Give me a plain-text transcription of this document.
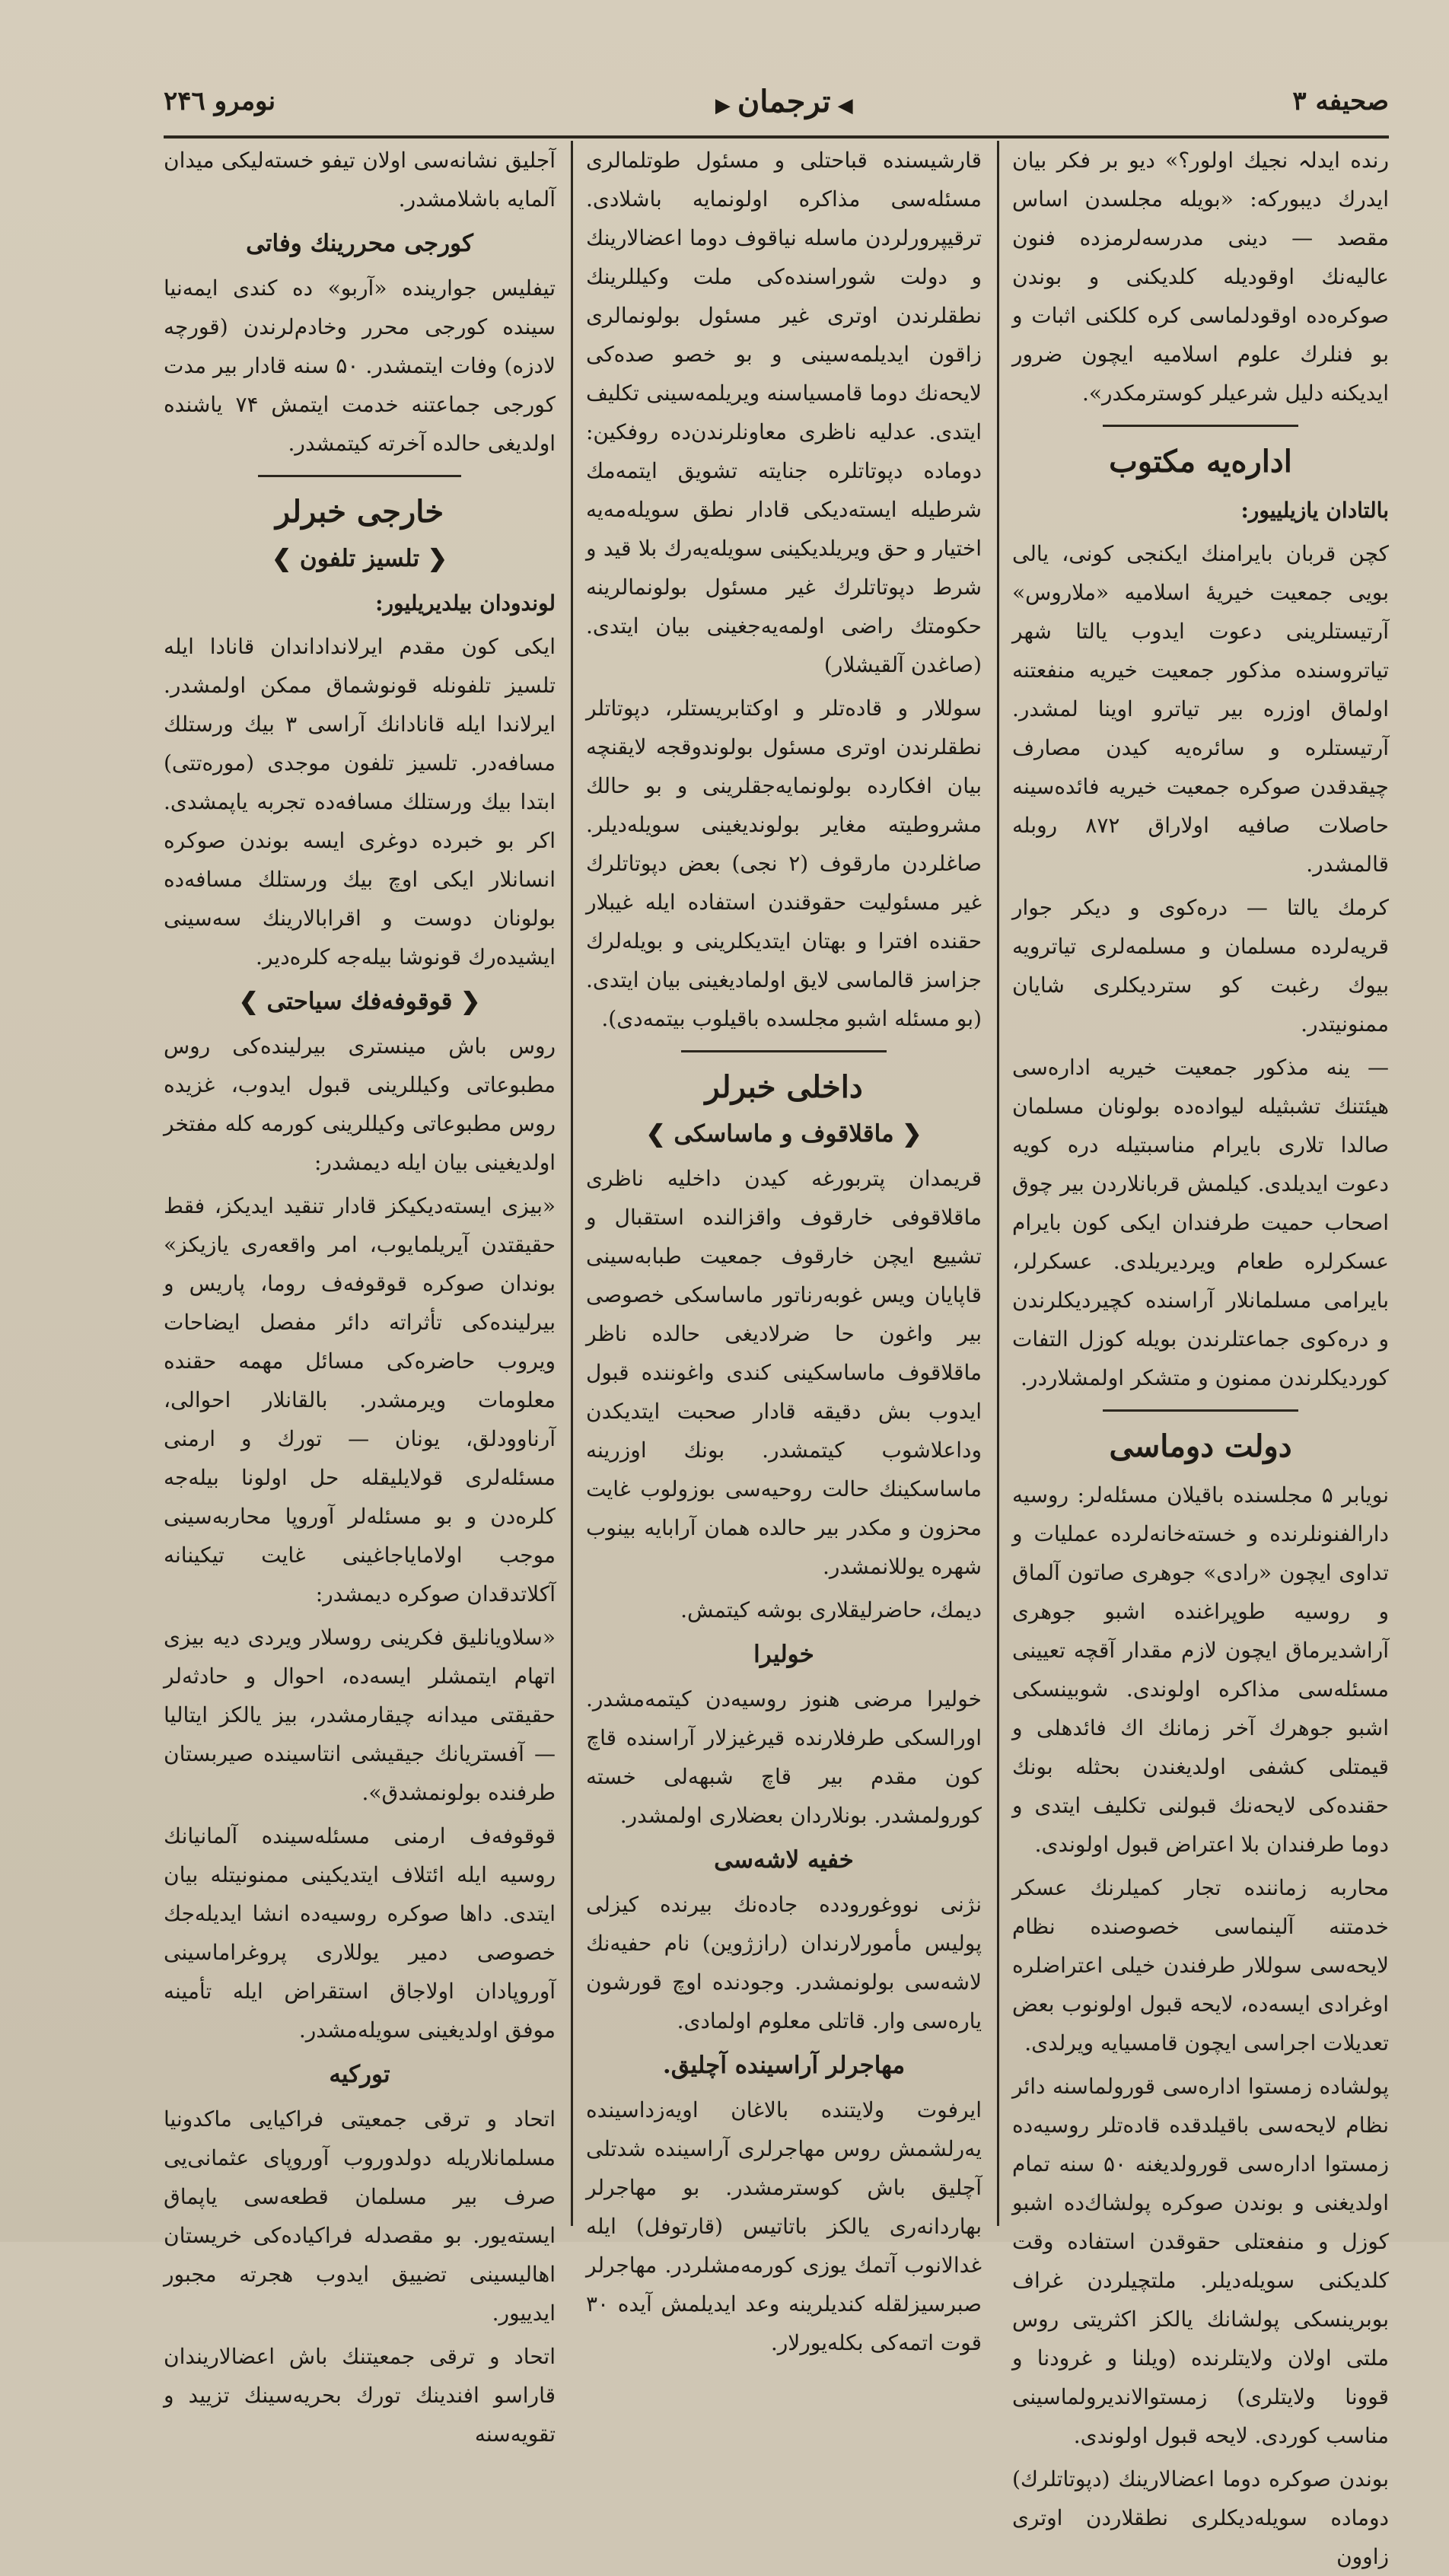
نومرو ۲۴٦
◀	ترجمان ▶	صحیفه ۳

رنده ایدلہ نجیك اولور؟» دیو بر فکر بیان ایدرك دیبورکه: «بویله مجلسدن اساس مقصد — دینی مدرسه‌لرمزده فنون عالیه‌نك اوقودیله کلدیکنی و بوندن صوکره‌ده اوقودلماسی کره‌ کلکنی اثبات و بو فنلرك علوم اسلامیه ایچون ضرور ایدیکنه دلیل شرعیلر کوسترمکدر».

اداره‌یه مکتوب

بالتادان یازیلییور:

کچن قربان بایرامنك ایکنجی کونی، یالی بویی جمعیت خیریهٔ اسلامیه «ملاروس» آرتیستلرینی دعوت ایدوب یالتا شهر تیاتروسنده مذکور جمعیت خیریه منفعتنه اولماق اوزره بیر تیاترو اوینا‌ لمشدر. آرتیستلره و سائره‌یه کیدن مصارف چیقدقدن صوکره جمعیت خیریه فائده‌سینه حاصلات صافیه اولاراق ۸۷۲ روبله قالمشدر.

کرمك یالتا — دره‌کوی و دیکر جوار قریه‌لرده مسلمان و مسلمه‌لری تیاترویه بیوك رغبت کو‌ ستردیکلری شایان ممنونیتدر.

— ینه مذکور جمعیت خیریه اداره‌سی هیئتنك تشبثیله لیواده‌ده بولونان مسلمان صالدا تلاری بایرام مناسبتیله دره کویه دعوت ایدیلدی. کیلمش قربانلاردن بیر چوق اصحاب حمیت طرفندان ایکی کون بایرام عسکرلره طعام ویردیریلدی. عسکرلر، بایرامی مسلمانلار آراسنده کچیردیکلرندن و دره‌کوی جماعتلرندن بویله کوزل التفات کوردیکلرندن ممنون و متشکر اولمشلاردر.

دولت دوماسی

نویابر ۵ مجلسنده باقیلان مسئله‌لر: روسیه دارالفنونلرنده و خسته‌خانه‌لرده عملیات و تداوی ایچون «رادی» جوهری صاتون آلماق و روسیه طوپراغنده اشبو جوهری آراشدیرماق ایچون لازم مقدار آقچه تعیینی مسئله‌سی مذاکره اولوندی. شوبینسکی اشبو جوهرك آخر زمانك اك فائدهلی و قیمتلی کشفی اولدیغندن بحثله بونك حقنده‌کی لایحه‌نك قبولنی تکلیف ایتدی و دوما طرفندان بلا اعتراض قبول اولوندی.

محاربه زماننده تجار کمیلرنك عسکر خدمتنه آلینماسی خصوصنده نظام لایحه‌سی سوللار طرفندن خیلی اعتراضلره اوغرادی ایسه‌ده، لایحه قبول اولونوب بعض تعدیلات اجراسی ایچون قامسیایه ویرلدی.

پولشاده زمستوا اداره‌سی قورولماسنه دائر نظام لایحه‌سی باقیلدقده قاده‌تلر روسیه‌ده زمستوا اداره‌سی قورولدیغنه ۵۰ سنه تمام اولدیغنی و بوندن صوکره پولشاك‌ده اشبو کوزل و منفعتلی حقوقدن استفاده وقت کلدیکنی سویله‌دیلر. ملتچیلردن غراف بوبرینسکی پولشانك یالکز اکثریتی روس ملتی اولان ولایتلرنده (ویلنا و غرودنا و قوونا ولایتلری) زمستوالاندیرولماسینی مناسب کوردی. لایحه قبول اولوندی.

بوندن صوکره دوما اعضالارینك (دپوتاتلرك) دوماده سویله‌دیکلری نطقلاردن اوتری زاوون

قارشیسنده قباحتلی و مسئول طوتلمالری مسئله‌سی مذاکره اولونمایه باشلادی. ترقیپرورلردن ماسله‌ نیاقوف دوما اعضالارینك و دولت شوراسنده‌کی ملت وکیللرینك نطقلرندن اوتری غیر مسئول بولونمالری زاقون ایدیلمه‌سینی و بو خصو‌ صده‌کی لایحه‌نك دوما قامسیاسنه ویریلمه‌سینی تکلیف ایتدی. عدلیه ناظری معاونلرندن‌ده روفکین: دوماده دپوتاتلره جنایته تشویق ایتمه‌مك شرطیله ایسته‌دیکی قادار نطق سویله‌مه‌یه اختیار و حق ویریلدیکینی سویله‌یه‌رك بلا قید و شرط دپوتاتلرك غیر مسئول بولونمالرینه حکومتك راضی اولمه‌یه‌جغینی بیان ایتدی. (صاغدن آلقیشلار)

سوللار و قاده‌تلر و اوکتابریستلر، دپوتاتلر نطقلرندن اوتری مسئول بولوندوقجه لایقنچه بیان افکارده بولونمایه‌جقلرینی و بو حالك مشروطیته مغایر بولوندیغینی سویله‌دیلر. صاغلردن مارقوف (۲ نجی) بعض دپوتاتلرك غیر مسئولیت حقوقندن استفاده ایله غیبلار حقنده افترا و بهتان ایتدیکلرینی و بویله‌لرك جزاسز قالماسی لایق اولمادیغینی بیان ایتدی. (بو مسئله اشبو مجلسده باقیلوب بیتمه‌دی).

داخلی خبرلر
❮ ماقلاقوف و ماساسکی ❯

قریمدان پتربورغه کیدن داخلیه ناظری ماقلاقوفی خارقوف واقزالنده استقبال و تشییع ایچن خارقوف جمعیت طبابه‌سینی قاپایان ویس غوبه‌رناتور ماساسکی خصوصی بیر واغون حا‌ ضرلادیغی حالده ناظر ماقلاقوف ماساسکینی‌ کندی واغوننده قبول ایدوب بش دقیقه قادار صحبت ایتدیکدن وداعلاشوب کیتمشدر. بونك اوزرینه ماساسکینك حالت روحیه‌سی بوزولوب غایت محزون و مکدر بیر حالده همان آرابایه بینوب شهره یوللانمشدر.

دیمك، حاضرلیقلاری بوشه کیتمش.

خولیرا

خولیرا مرضی هنوز روسیه‌دن کیتمه‌مشدر. اورالسکی طرفلارنده قیرغیزلار آراسنده قاچ کون مقدم بیر قاچ شبهه‌لی خسته کورولمشدر. بونلاردان بعضلاری اولمشدر.

خفیه لاشه‌سی

نژنی نووغورودده جاده‌نك بیرنده کیزلی پولیس مأمورلارندان (رازژوین) نام حفیه‌نك لاشه‌سی بولونمشدر. وجودنده اوچ قورشون یاره‌سی وار. قاتلی معلوم اولمادی.

مهاجرلر آراسینده آچلیق.

ایرفوت ولایتنده بالاغان اویه‌زداسینده یه‌رلشمش روس مهاجرلری آراسینده شدتلی آچلیق باش کوسترمشدر. بو مهاجرلر بهاردانه‌ری یالکز باتاتیس (قارتوفل) ایله غدالانوب آتمك یوزی کورمه‌مشلردر. مهاجرلر صبرسیزلقله کندیلرینه وعد ایدیلمش آیده ۳۰ قوت اتمه‌کی بکله‌یورلار.

آجلیق نشانه‌سی اولان تیفو خسته‌لیکی میدان آلمایه باشلامشدر.

کورجی محررینك وفاتی

تیفلیس جوارینده «آربو» ده کندی ایمه‌نیا‌ سینده کورجی محرر وخادم‌لرندن (قورچه‌ لادزه) وفات ایتمشدر. ۵۰ سنه قادار بیر مدت کورجی جماعتنه خدمت ایتمش ۷۴ یاشنده اولدیغی حالده آخرته کیتمشدر.

خارجی خبرلر
❮ تلسیز تلفون ❯

لوندودان بیلدیریلیور:

ایکی کون مقدم ایرلانداداندان قانادا ایله تلسیز تلفونله قونوشماق ممکن اولمشدر. ایرلاندا ایله قانادانك آراسی ۳ بیك ورستلك مسافه‌در. تلسیز تلفون موجدی (موره‌تتی) ابتدا بیك ورستلك مسافه‌ده تجربه یاپمشدی. اکر بو خبرده دوغری ایسه بوندن صوکره انسانلار ایکی اوچ بیك ورستلك مسافه‌ده بولونان دوست و اقرابالارینك سه‌سینی ایشیده‌رك قونوشا بیله‌جه‌ کلره‌دیر.

❮ قوقوفه‌فك سیاحتی ❯

روس باش مینستری بیرلینده‌کی روس مطبوعاتی وکیللرینی قبول ایدوب، غزیده روس مطبوعاتی وکیللرینی کورمه کله مفتخر اولدیغینی بیان ایله دیمشدر:

«بیزی ایسته‌دیکیکز قادار تنقید ایدیکز، فقط حقیقتدن آیریلمایوب، امر واقعه‌ری یازیکز» بوندان صوکره قوقوفه‌ف روما، پاریس و بیرلینده‌کی تأثراته دائر مفصل ایضاحات ویروب حاضره‌کی مسائل مهمه حقنده معلومات ویرمشدر. بالقانلار احوالی، آرناوودلق، یونان — تورك و ارمنی مسئله‌لری قولایلیقله حل اولونا بیله‌جه‌ کلره‌دن و بو مسئله‌لر آوروپا محاربه‌سینی موجب اولامایاجاغینی غایت تیکینانه آکلاتدقدان صوکره دیمشدر:

«سلاویانلیق فکرینی روسلار ویردی دیه بیزی اتهام ایتمشلر ایسه‌ده، احوال و حادثه‌لر حقیقتی میدانه چیقارمشدر، بیز یالکز ایتالیا — آفستریانك جیقیشی انتاسینده صیربستان طرفنده بولونمشدق».

قوقوفه‌ف ارمنی مسئله‌سینده آلمانیانك روسیه ایله ائتلاف ایتدیکینی ممنونیتله بیان ایتدی. داها صوکره روسیه‌ده انشا ایدیله‌جك خصوصی دمیر یوللاری پروغراماسینی آوروپادان اولاجاق استقراض ایله تأمینه موفق اولدیغینی سویله‌مشدر.

تورکیه

اتحاد و ترقی جمعیتی فراکیایی ماکدونیا مسلمانلاریله دولدوروب آوروپای عثمانی‌یی صرف بیر مسلمان قطعه‌سی یاپماق ایسته‌یور. بو مقصدله فراکیاده‌کی خریستان اهالیسینی تضییق ایدوب هجرته مجبور ایدییور.

اتحاد و ترقی جمعیتنك باش اعضالاریندان قاراسو افندینك تورك بحریه‌سینك تزیید و تقویه‌سنه
